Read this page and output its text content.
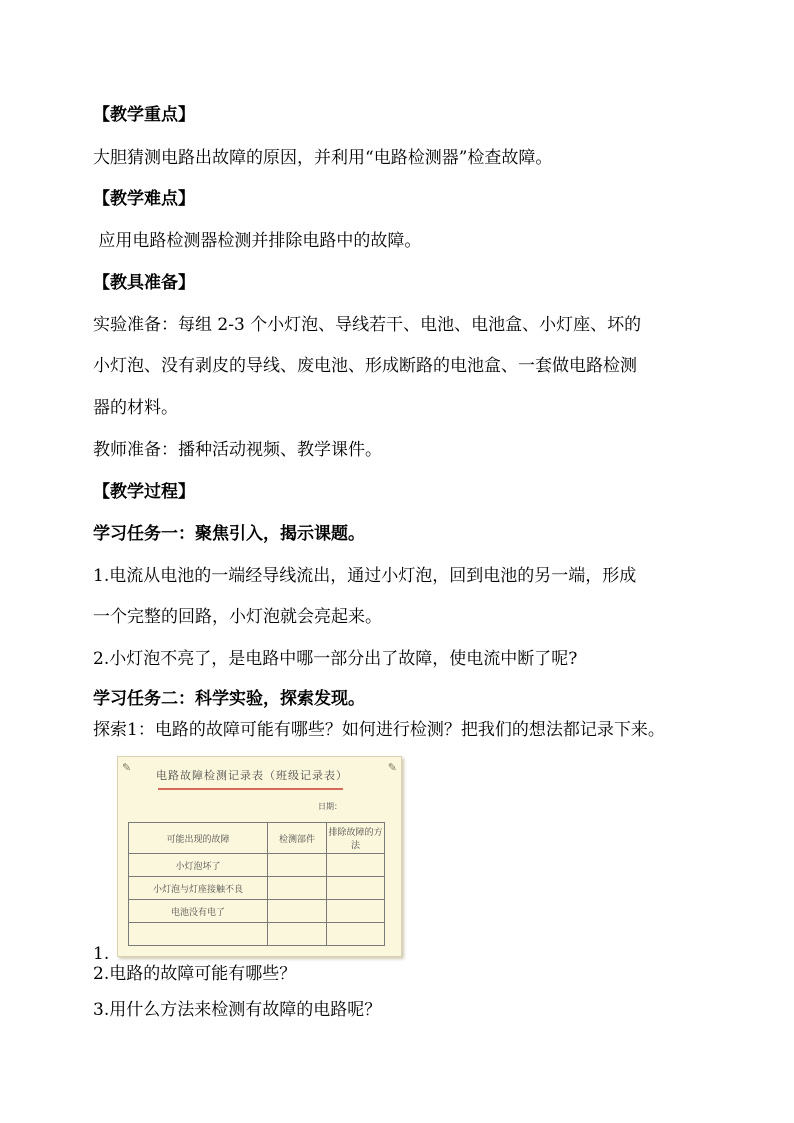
【教学重点】
大胆猜测电路出故障的原因，并利用“电路检测器”检查故障。
【教学难点】
应用电路检测器检测并排除电路中的故障。
【教具准备】
实验准备：每组 2-3 个小灯泡、导线若干、电池、电池盒、小灯座、坏的
小灯泡、没有剥皮的导线、废电池、形成断路的电池盒、一套做电路检测
器的材料。
教师准备：播种活动视频、教学课件。
【教学过程】
学习任务一：聚焦引入，揭示课题。
1.电流从电池的一端经导线流出，通过小灯泡，回到电池的另一端，形成
一个完整的回路，小灯泡就会亮起来。
2.小灯泡不亮了，是电路中哪一部分出了故障，使电流中断了呢?
学习任务二：科学实验，探索发现。
探索1：电路的故障可能有哪些？如何进行检测？把我们的想法都记录下来。
✎	✎
电路故障检测记录表（班级记录表）
日期：
可能出现的故障	检测部件	排除故障的方法
小灯泡坏了		
小灯泡与灯座接触不良		
电池没有电了		

1.
2.电路的故障可能有哪些？
3.用什么方法来检测有故障的电路呢？
